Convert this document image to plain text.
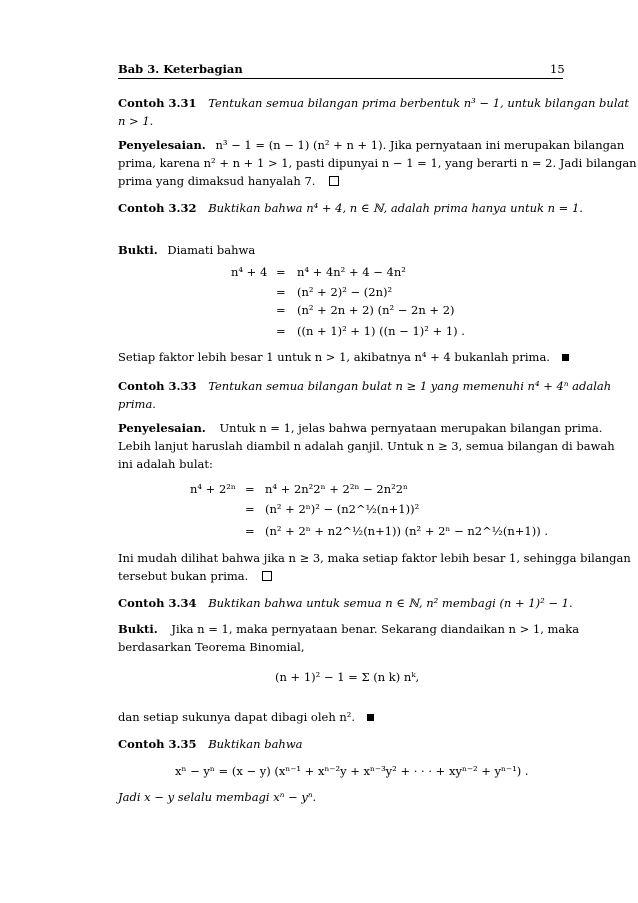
Bab 3. Keterbagian	15
Contoh 3.31 Tentukan semua bilangan prima berbentuk n³ − 1, untuk bilangan bulat
n > 1.
Penyelesaian. n³ − 1 = (n − 1) (n² + n + 1). Jika pernyataan ini merupakan bilangan
prima, karena n² + n + 1 > 1, pasti dipunyai n − 1 = 1, yang berarti n = 2. Jadi bilangan
prima yang dimaksud hanyalah 7.
Contoh 3.32 Buktikan bahwa n⁴ + 4, n ∈ ℕ, adalah prima hanya untuk n = 1.
Bukti. Diamati bahwa
n⁴ + 4 = n⁴ + 4n² + 4 − 4n²
= (n² + 2)² − (2n)²
= (n² + 2n + 2) (n² − 2n + 2)
= ((n + 1)² + 1) ((n − 1)² + 1) .
Setiap faktor lebih besar 1 untuk n > 1, akibatnya n⁴ + 4 bukanlah prima.
Contoh 3.33 Tentukan semua bilangan bulat n ≥ 1 yang memenuhi n⁴ + 4ⁿ adalah
prima.
Penyelesaian. Untuk n = 1, jelas bahwa pernyataan merupakan bilangan prima.
Lebih lanjut haruslah diambil n adalah ganjil. Untuk n ≥ 3, semua bilangan di bawah
ini adalah bulat:
n⁴ + 2²ⁿ = n⁴ + 2n²2ⁿ + 2²ⁿ − 2n²2ⁿ
= (n² + 2ⁿ)² − (n2^½(n+1))²
= (n² + 2ⁿ + n2^½(n+1)) (n² + 2ⁿ − n2^½(n+1)) .
Ini mudah dilihat bahwa jika n ≥ 3, maka setiap faktor lebih besar 1, sehingga bilangan
tersebut bukan prima.
Contoh 3.34 Buktikan bahwa untuk semua n ∈ ℕ, n² membagi (n + 1)² − 1.
Bukti. Jika n = 1, maka pernyataan benar. Sekarang diandaikan n > 1, maka
berdasarkan Teorema Binomial,
(n + 1)² − 1 = Σ (n k) nᵏ,
dan setiap sukunya dapat dibagi oleh n².
Contoh 3.35 Buktikan bahwa
xⁿ − yⁿ = (x − y) (xⁿ⁻¹ + xⁿ⁻²y + xⁿ⁻³y² + · · · + xyⁿ⁻² + yⁿ⁻¹) .
Jadi x − y selalu membagi xⁿ − yⁿ.
